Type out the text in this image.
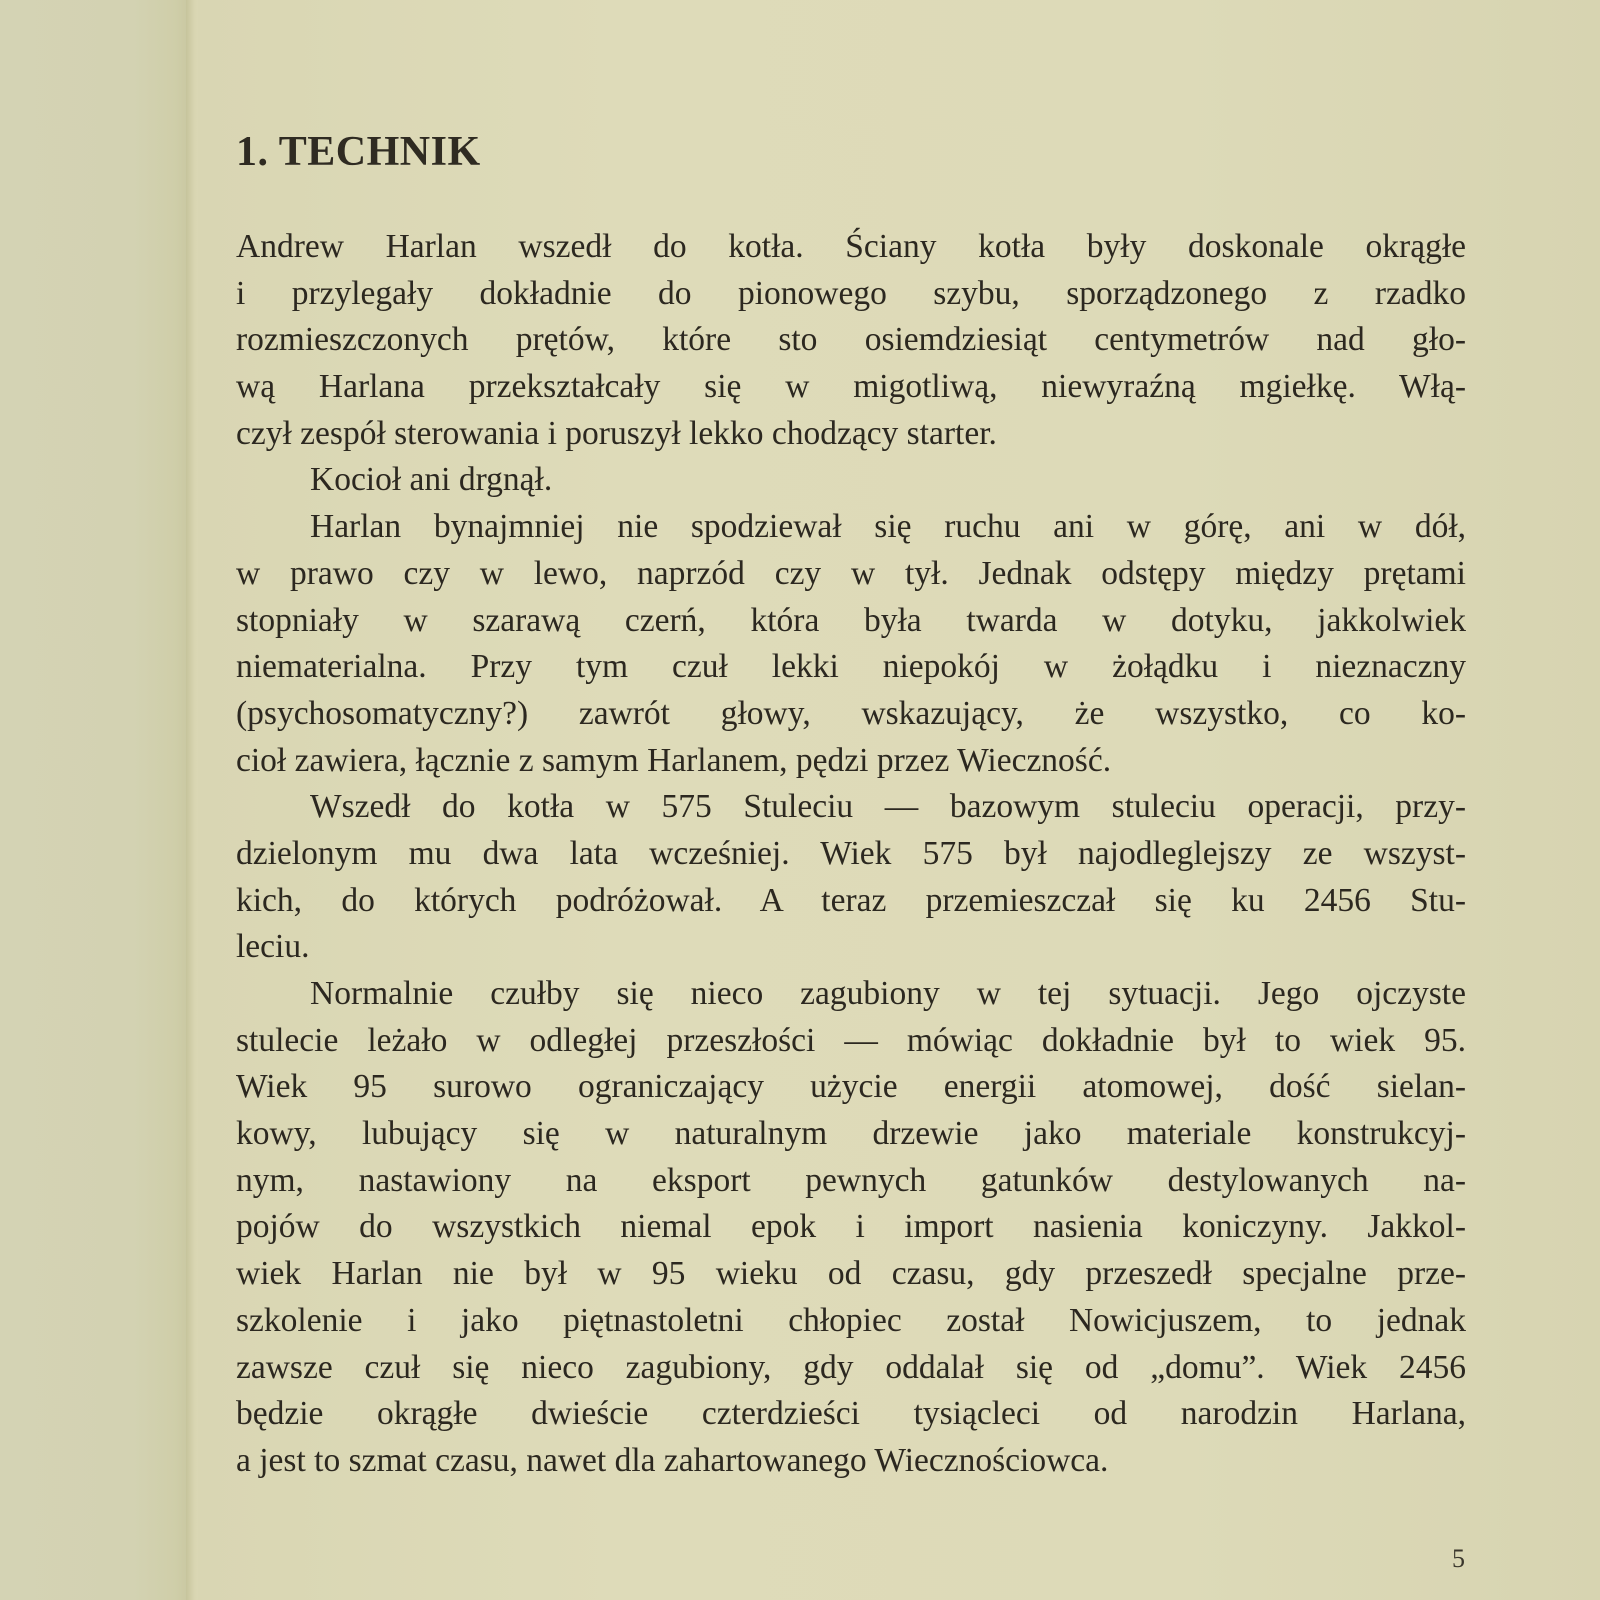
1. TECHNIK
Andrew Harlan wszedł do kotła. Ściany kotła były doskonale okrągłe
i przylegały dokładnie do pionowego szybu, sporządzonego z rzadko
rozmieszczonych prętów, które sto osiemdziesiąt centymetrów nad gło-
wą Harlana przekształcały się w migotliwą, niewyraźną mgiełkę. Włą-
czył zespół sterowania i poruszył lekko chodzący starter.
Kocioł ani drgnął.
Harlan bynajmniej nie spodziewał się ruchu ani w górę, ani w dół,
w prawo czy w lewo, naprzód czy w tył. Jednak odstępy między prętami
stopniały w szarawą czerń, która była twarda w dotyku, jakkolwiek
niematerialna. Przy tym czuł lekki niepokój w żołądku i nieznaczny
(psychosomatyczny?) zawrót głowy, wskazujący, że wszystko, co ko-
cioł zawiera, łącznie z samym Harlanem, pędzi przez Wieczność.
Wszedł do kotła w 575 Stuleciu — bazowym stuleciu operacji, przy-
dzielonym mu dwa lata wcześniej. Wiek 575 był najodleglejszy ze wszyst-
kich, do których podróżował. A teraz przemieszczał się ku 2456 Stu-
leciu.
Normalnie czułby się nieco zagubiony w tej sytuacji. Jego ojczyste
stulecie leżało w odległej przeszłości — mówiąc dokładnie był to wiek 95.
Wiek 95 surowo ograniczający użycie energii atomowej, dość sielan-
kowy, lubujący się w naturalnym drzewie jako materiale konstrukcyj-
nym, nastawiony na eksport pewnych gatunków destylowanych na-
pojów do wszystkich niemal epok i import nasienia koniczyny. Jakkol-
wiek Harlan nie był w 95 wieku od czasu, gdy przeszedł specjalne prze-
szkolenie i jako piętnastoletni chłopiec został Nowicjuszem, to jednak
zawsze czuł się nieco zagubiony, gdy oddalał się od „domu”. Wiek 2456
będzie okrągłe dwieście czterdzieści tysiącleci od narodzin Harlana,
a jest to szmat czasu, nawet dla zahartowanego Wiecznościowca.
5
